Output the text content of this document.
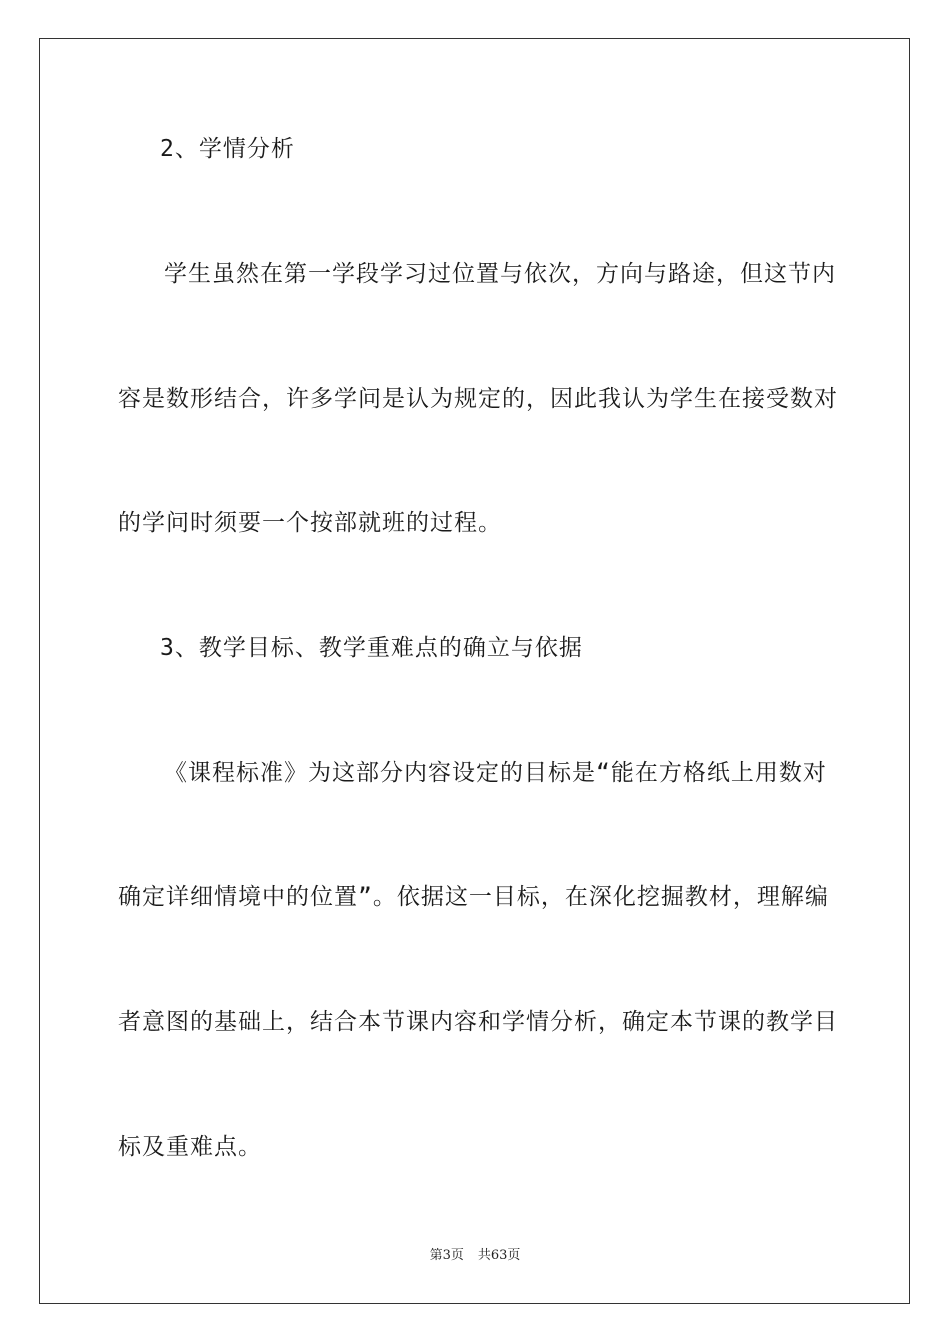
2、学情分析
学生虽然在第一学段学习过位置与依次，方向与路途，但这节内
容是数形结合，许多学问是认为规定的，因此我认为学生在接受数对
的学问时须要一个按部就班的过程。
3、教学目标、教学重难点的确立与依据
《课程标准》为这部分内容设定的目标是“能在方格纸上用数对
确定详细情境中的位置”。依据这一目标，在深化挖掘教材，理解编
者意图的基础上，结合本节课内容和学情分析，确定本节课的教学目
标及重难点。
第3页 共63页
